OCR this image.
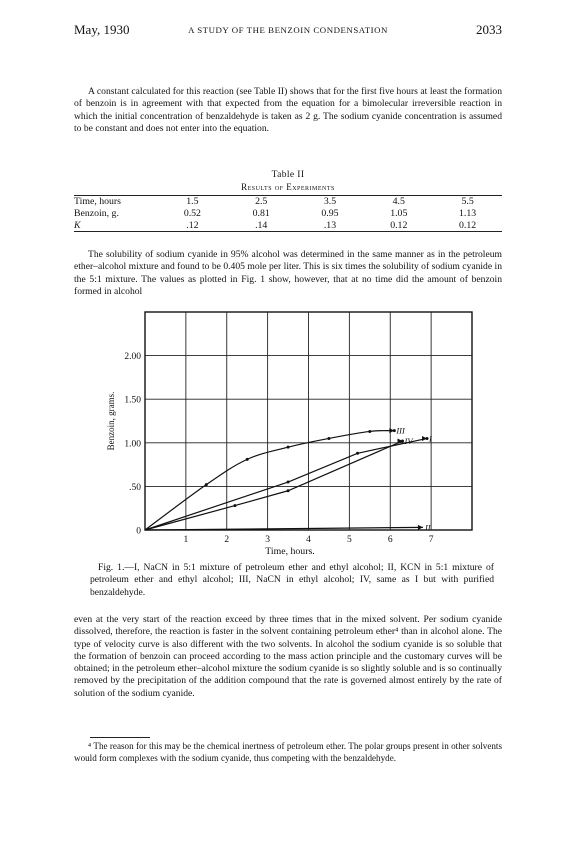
May, 1930	A STUDY OF THE BENZOIN CONDENSATION	2033

A constant calculated for this reaction (see Table II) shows that for the first five hours at least the formation of benzoin is in agreement with that expected from the equation for a bimolecular irreversible reaction in which the initial concentration of benzaldehyde is taken as 2 g. The sodium cyanide concentration is assumed to be constant and does not enter into the equation.

Table II
Results of Experiments
Time, hours	1.5	2.5	3.5	4.5	5.5
Benzoin, g.	0.52	0.81	0.95	1.05	1.13
K	.12	.14	.13	0.12	0.12

The solubility of sodium cyanide in 95% alcohol was determined in the same manner as in the petroleum ether–alcohol mixture and found to be 0.405 mole per liter. This is six times the solubility of sodium cyanide in the 5:1 mixture. The values as plotted in Fig. 1 show, however, that at no time did the amount of benzoin formed in alcohol

0
.50
1.00
1.50
2.00
1	2	3	4	5	6	7
Benzoin, grams.	III
I
IV
II
Time, hours.
Fig. 1.—I, NaCN in 5:1 mixture of petroleum ether and ethyl alcohol; II, KCN in 5:1 mixture of petroleum ether and ethyl alcohol; III, NaCN in ethyl alcohol; IV, same as I but with purified benzaldehyde.

even at the very start of the reaction exceed by three times that in the mixed solvent. Per sodium cyanide dissolved, therefore, the reaction is faster in the solvent containing petroleum ether⁴ than in alcohol alone. The type of velocity curve is also different with the two solvents. In alcohol the sodium cyanide is so soluble that the formation of benzoin can proceed according to the mass action principle and the customary curves will be obtained; in the petroleum ether–alcohol mixture the sodium cyanide is so slightly soluble and is so continually removed by the precipitation of the addition compound that the rate is governed almost entirely by the rate of solution of the sodium cyanide.

⁴ The reason for this may be the chemical inertness of petroleum ether. The polar groups present in other solvents would form complexes with the sodium cyanide, thus competing with the benzaldehyde.
